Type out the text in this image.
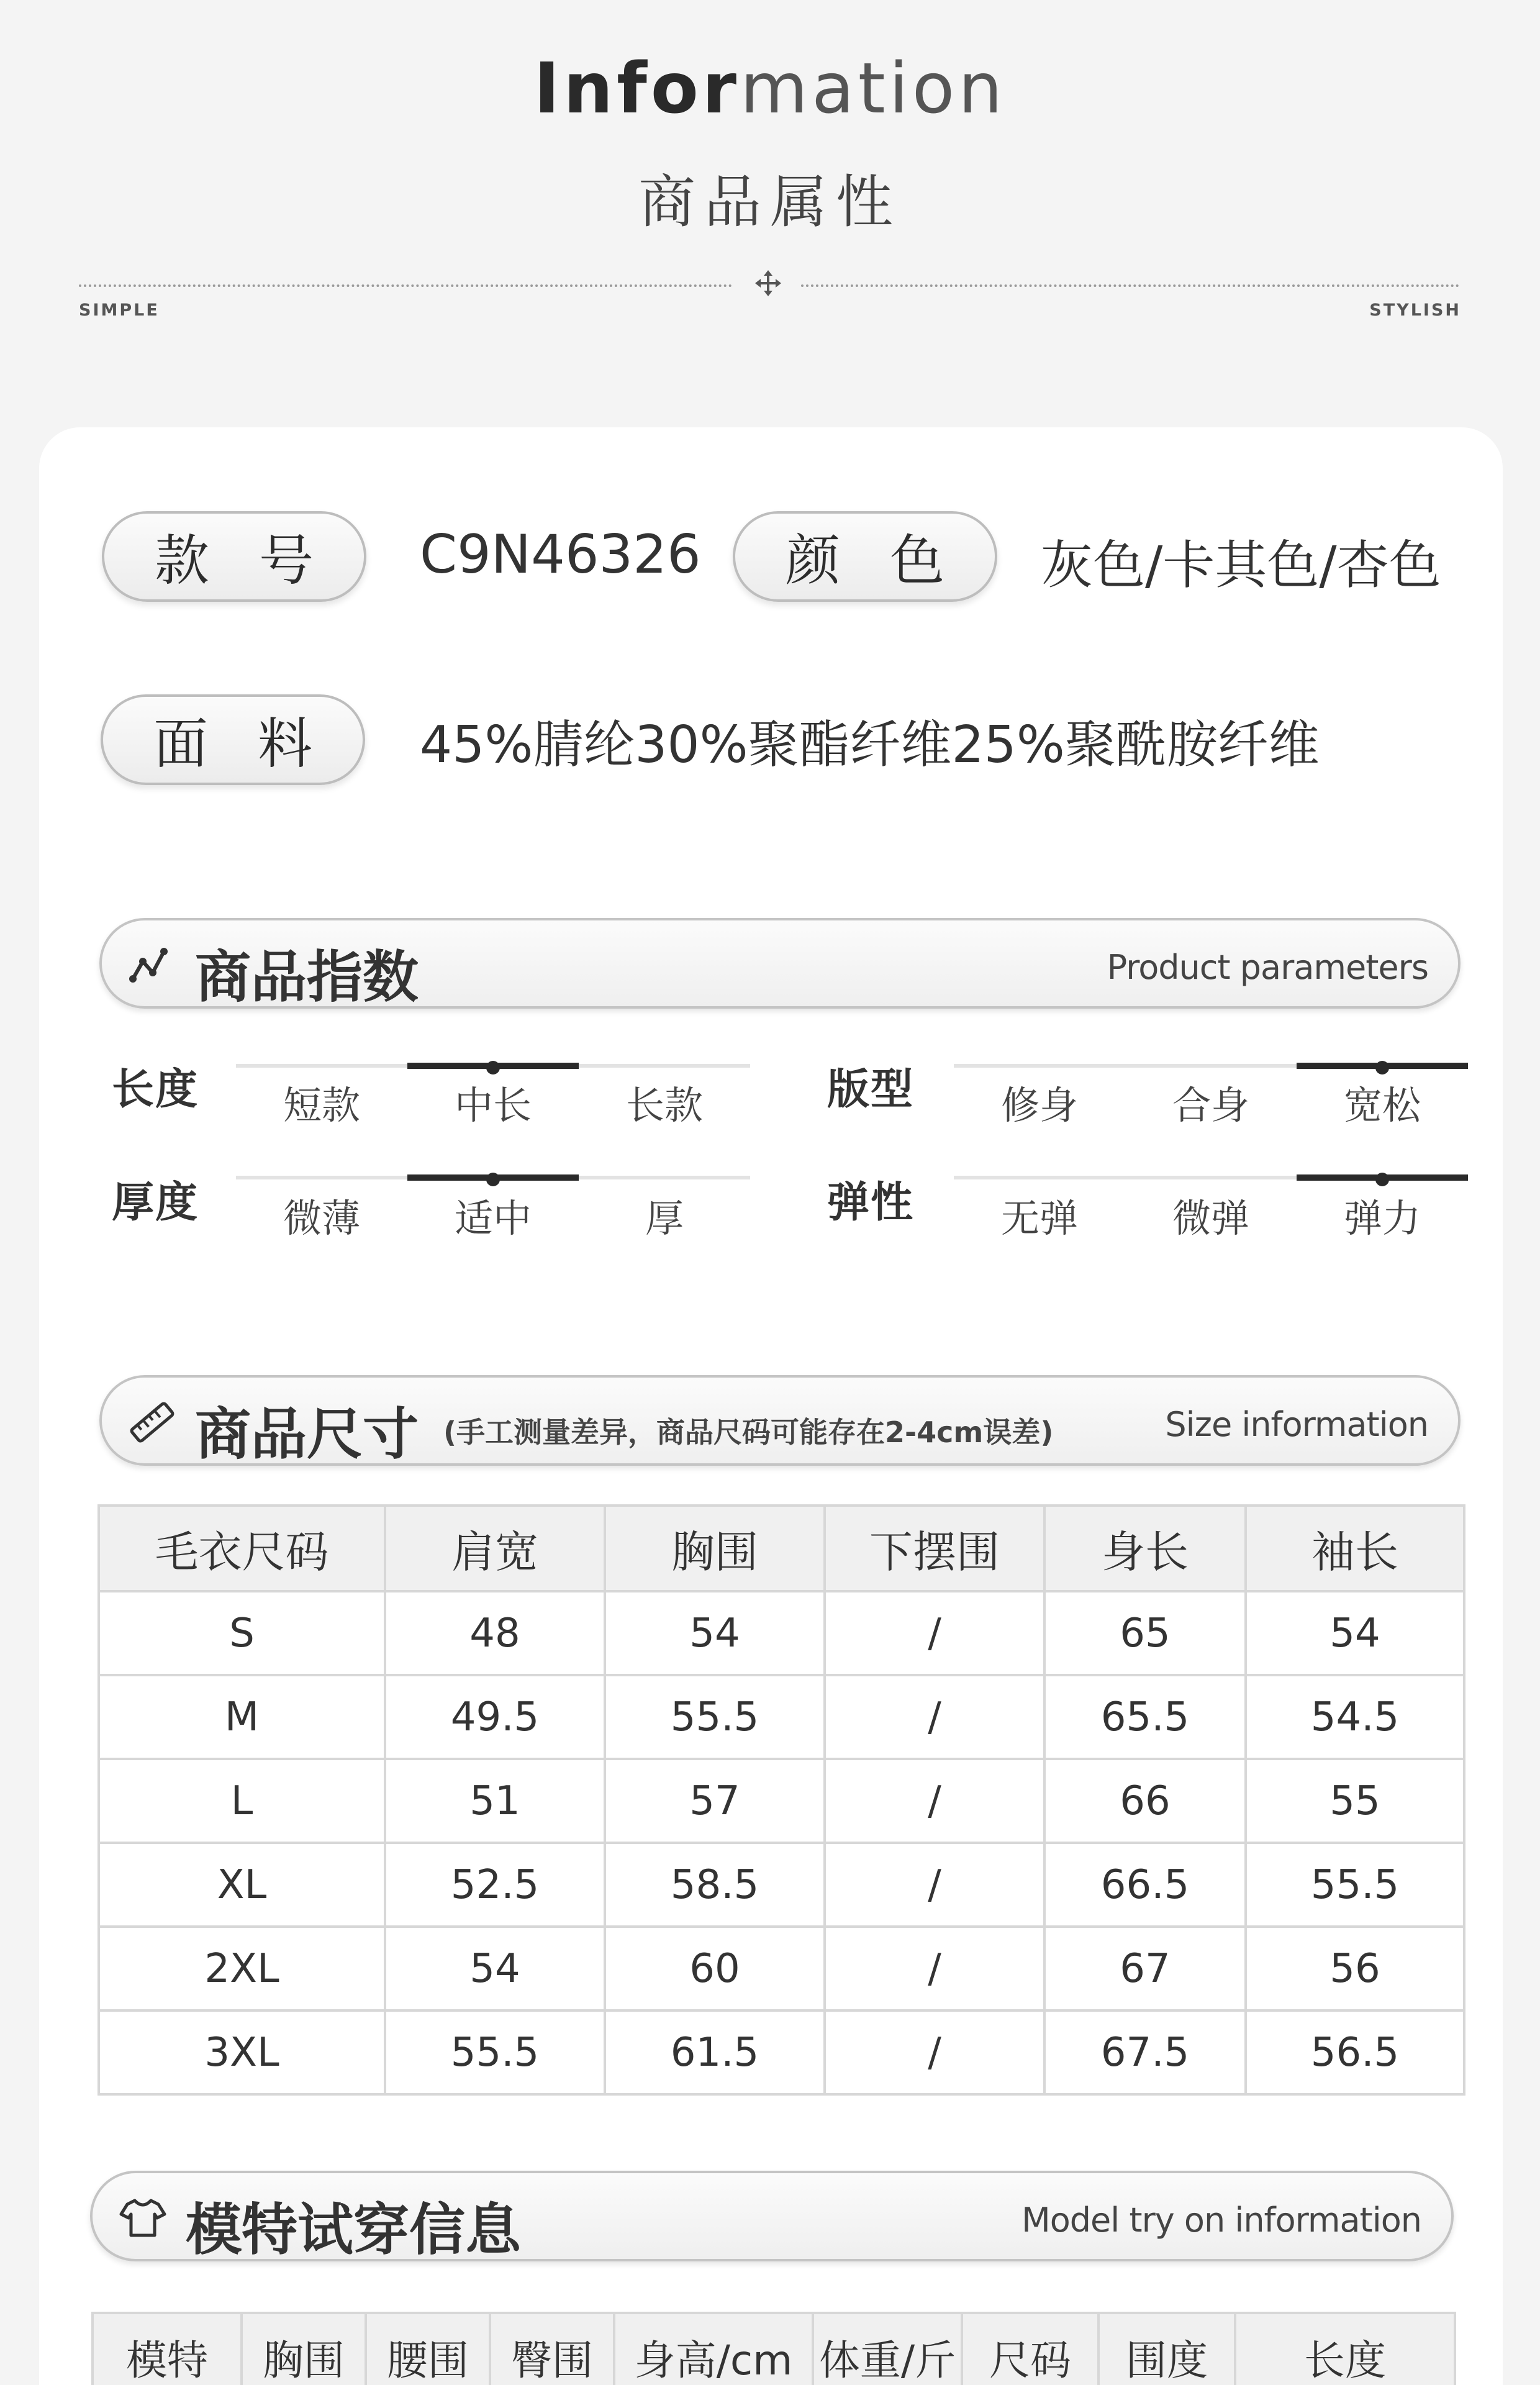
Information
商品属性
SIMPLE	STYLISH
款 号	C9N46326	颜 色	灰色/卡其色/杏色
面 料	45%腈纶30%聚酯纤维25%聚酰胺纤维
商品指数	Product parameters
长度	短款	中长	长款	版型	修身	合身	宽松
厚度	微薄	适中	厚	弹性	无弹	微弹	弹力
商品尺寸 (手工测量差异，商品尺码可能存在2-4cm误差)	Size information
毛衣尺码	肩宽	胸围	下摆围	身长	袖长
S	48	54	/	65	54
M	49.5	55.5	/	65.5	54.5
L	51	57	/	66	55
XL	52.5	58.5	/	66.5	55.5
2XL	54	60	/	67	56
3XL	55.5	61.5	/	67.5	56.5
模特试穿信息	Model try on information
模特	胸围	腰围	臀围	身高/cm	体重/斤	尺码	围度	长度
